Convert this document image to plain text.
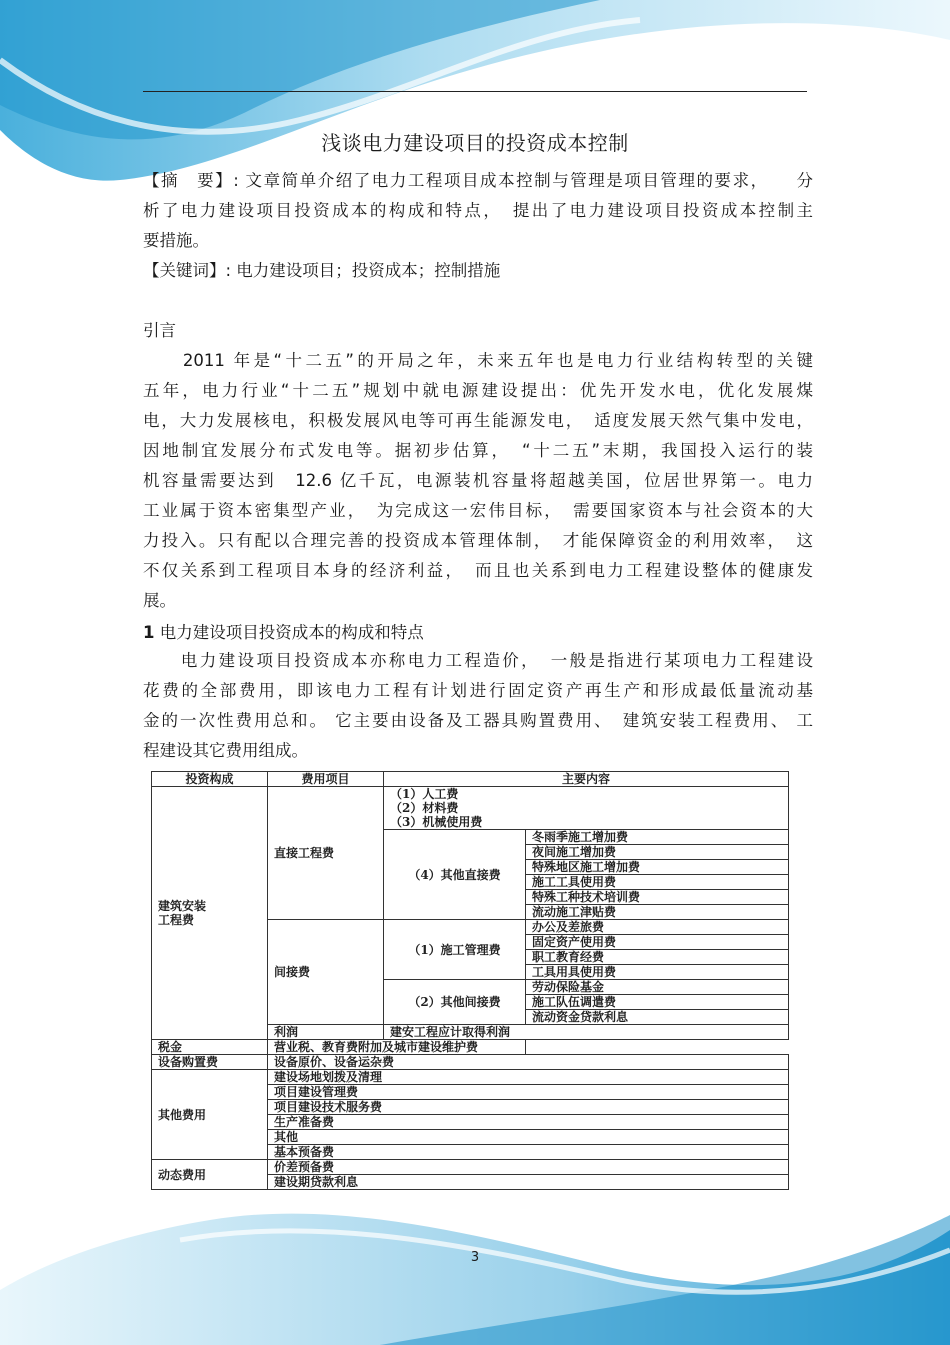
浅谈电力建设项目的投资成本控制
【摘　要】: 文章简单介绍了电力工程项目成本控制与管理是项目管理的要求，　　分
析了电力建设项目投资成本的构成和特点，　提出了电力建设项目投资成本控制主
要措施。
【关键词】: 电力建设项目；投资成本；控制措施
引言
　　2011 年是“十二五”的开局之年，未来五年也是电力行业结构转型的关键
五年，电力行业“十二五”规划中就电源建设提出：优先开发水电，优化发展煤
电，大力发展核电，积极发展风电等可再生能源发电，　适度发展天然气集中发电，
因地制宜发展分布式发电等。据初步估算，　“十二五”末期，我国投入运行的装
机容量需要达到　12.6 亿千瓦，电源装机容量将超越美国，位居世界第一。电力
工业属于资本密集型产业，　为完成这一宏伟目标，　需要国家资本与社会资本的大
力投入。只有配以合理完善的投资成本管理体制，　才能保障资金的利用效率，　这
不仅关系到工程项目本身的经济利益，　而且也关系到电力工程建设整体的健康发
展。
1 电力建设项目投资成本的构成和特点
　　电力建设项目投资成本亦称电力工程造价，　一般是指进行某项电力工程建设
花费的全部费用，即该电力工程有计划进行固定资产再生产和形成最低量流动基
金的一次性费用总和。 它主要由设备及工器具购置费用、　建筑安装工程费用、 工
程建设其它费用组成。
投资构成	费用项目	主要内容	
建筑安装
工程费	直接工程费	（1）人工费	
		（2）材料费	
		（3）机械使用费	
		（4）其他直接费	冬雨季施工增加费
			夜间施工增加费
			特殊地区施工增加费
			施工工具使用费
			特殊工种技术培训费
			流动施工津贴费
	间接费	（1）施工管理费	办公及差旅费
			固定资产使用费
			职工教育经费
			工具用具使用费
		（2）其他间接费	劳动保险基金
			施工队伍调遣费
			流动资金贷款利息
	利润	建安工程应计取得利润	
税金	营业税、教育费附加及城市建设维护费		
设备购置费	设备原价、设备运杂费		
其他费用	建设场地划拨及清理		
	项目建设管理费		
	项目建设技术服务费		
	生产准备费		
	其他		
	基本预备费		
动态费用	价差预备费		
	建设期贷款利息		
3
